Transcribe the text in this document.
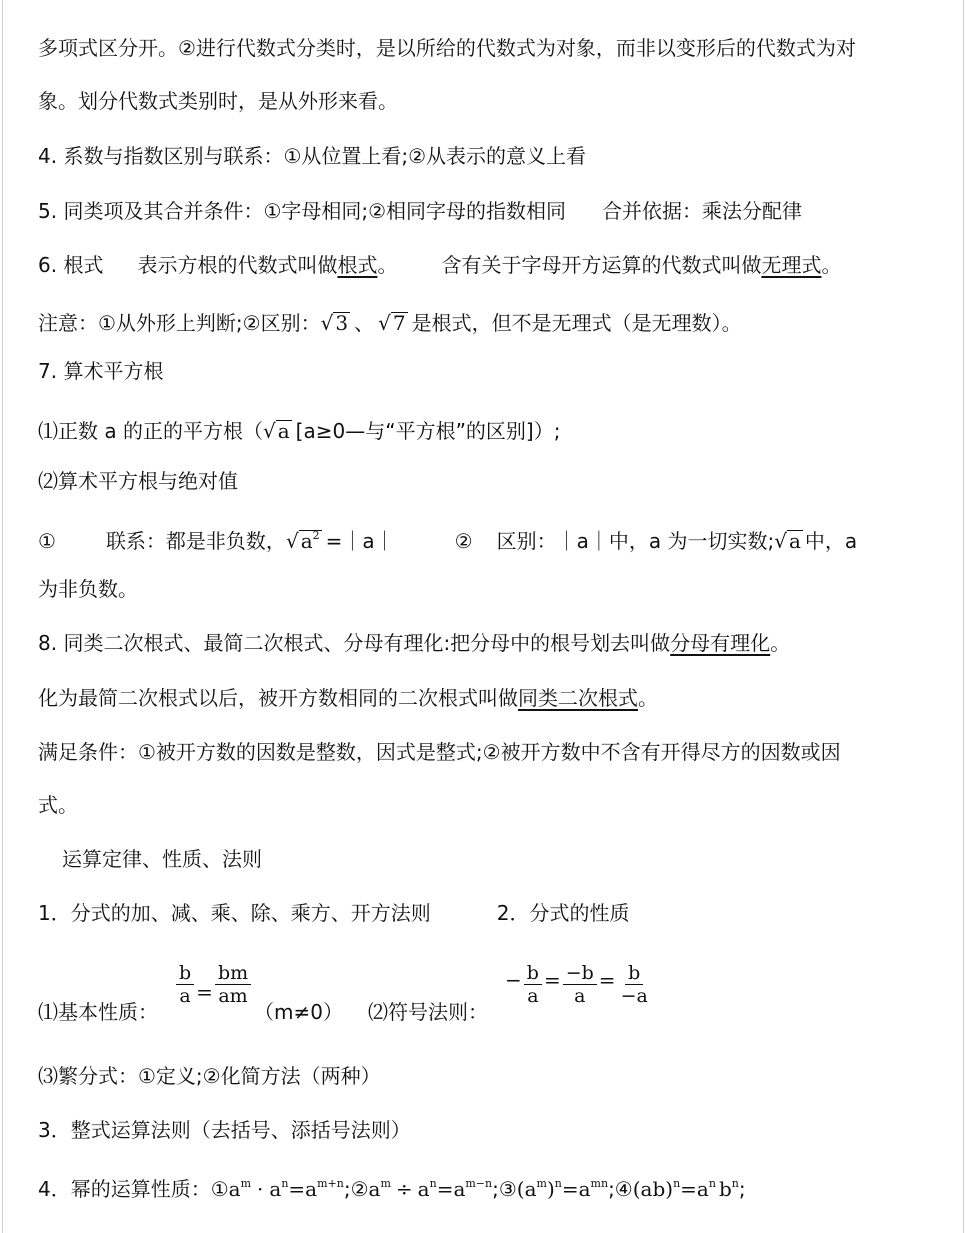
多项式区分开。②进行代数式分类时，是以所给的代数式为对象，而非以变形后的代数式为对
象。划分代数式类别时，是从外形来看。
4. 系数与指数区别与联系：①从位置上看;②从表示的意义上看
5. 同类项及其合并条件：①字母相同;②相同字母的指数相同 合并依据：乘法分配律
6. 根式 表示方根的代数式叫做根式。 含有关于字母开方运算的代数式叫做无理式。
注意：①从外形上判断;②区别：√ 3 、 √ 7 是根式，但不是无理式（是无理数）。
7. 算术平方根
⑴正数 a 的正的平方根（√ a [a≥0—与“平方根”的区别]）;
⑵算术平方根与绝对值
①	联系：都是非负数，√ $a^2$ =｜a｜	② 区别：｜a｜中，a 为一切实数;√ a 中，a
为非负数。
8. 同类二次根式、最简二次根式、分母有理化:把分母中的根号划去叫做分母有理化。
化为最简二次根式以后，被开方数相同的二次根式叫做同类二次根式。
满足条件：①被开方数的因数是整数，因式是整式;②被开方数中不含有开得尽方的因数或因
式。
运算定律、性质、法则
1．分式的加、减、乘、除、乘方、开方法则	2．分式的性质
⑴基本性质：
$\frac{b}{a} = \frac{bm}{am}$
（m≠0） ⑵符号法则：
− $\frac{b}{a} = \frac{-b}{a} = \frac{b}{-a}$
⑶繁分式：①定义;②化简方法（两种）
3．整式运算法则（去括号、添括号法则）
4．幂的运算性质：$①a^m$ · $a^n=a^{m+n};②a^m$ ÷ $a^n=a^{m-n};③(a^m)^n=a^{mn};④(ab)^n=a^n$ $b^n$;
